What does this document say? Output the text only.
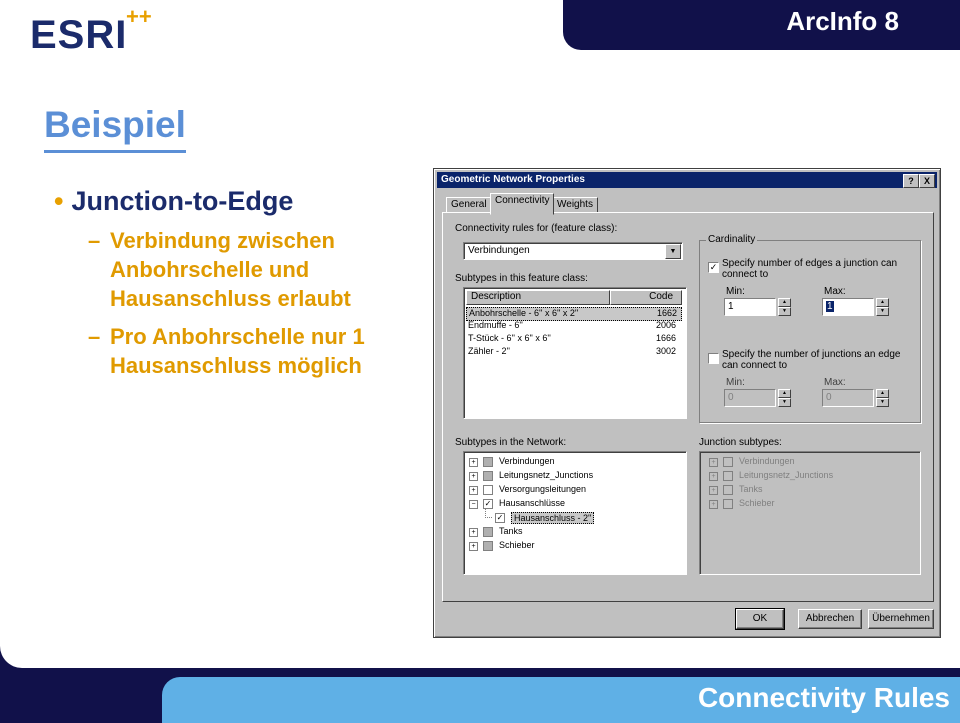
ArcInfo 8
ESRI
++
Beispiel
• Junction-to-Edge
– Verbindung zwischen Anbohrschelle und Hausanschluss erlaubt
– Pro Anbohrschelle nur 1 Hausanschluss möglich
Geometric Network Properties	?	X
General Connectivity Weights
Connectivity rules for (feature class):
Verbindungen	▼
Subtypes in this feature class:
Description	Code
Anbohrschelle - 6'' x 6'' x 2''	1662
Endmuffe - 6''	2006
T-Stück - 6'' x 6'' x 6''	1666
Zähler - 2''	3002
Cardinality
✓ Specify number of edges a junction can connect to
Min:	Max:
1	▲
▼	1	▲
▼
Specify the number of junctions an edge can connect to
Min:	Max:
0	▲
▼	0	▲
▼
Subtypes in the Network:
+	Verbindungen
+	Leitungsnetz_Junctions
+	Versorgungsleitungen
−	✓ Hausanschlüsse
✓	Hausanschluss - 2''
+	Tanks
+	Schieber
Junction subtypes:
+	Verbindungen
+	Leitungsnetz_Junctions
+	Tanks
+	Schieber
OK	Abbrechen	Übernehmen
Connectivity Rules
